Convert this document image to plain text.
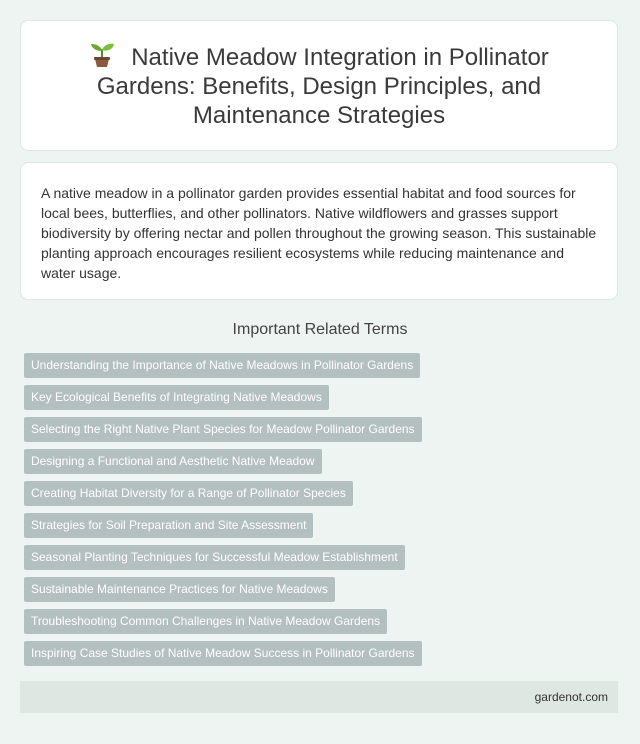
Native Meadow Integration in Pollinator Gardens: Benefits, Design Principles, and Maintenance Strategies

A native meadow in a pollinator garden provides essential habitat and food sources for local bees, butterflies, and other pollinators. Native wildflowers and grasses support biodiversity by offering nectar and pollen throughout the growing season. This sustainable planting approach encourages resilient ecosystems while reducing maintenance and water usage.

Important Related Terms
Understanding the Importance of Native Meadows in Pollinator Gardens
Key Ecological Benefits of Integrating Native Meadows
Selecting the Right Native Plant Species for Meadow Pollinator Gardens
Designing a Functional and Aesthetic Native Meadow
Creating Habitat Diversity for a Range of Pollinator Species
Strategies for Soil Preparation and Site Assessment
Seasonal Planting Techniques for Successful Meadow Establishment
Sustainable Maintenance Practices for Native Meadows
Troubleshooting Common Challenges in Native Meadow Gardens
Inspiring Case Studies of Native Meadow Success in Pollinator Gardens
gardenot.com
